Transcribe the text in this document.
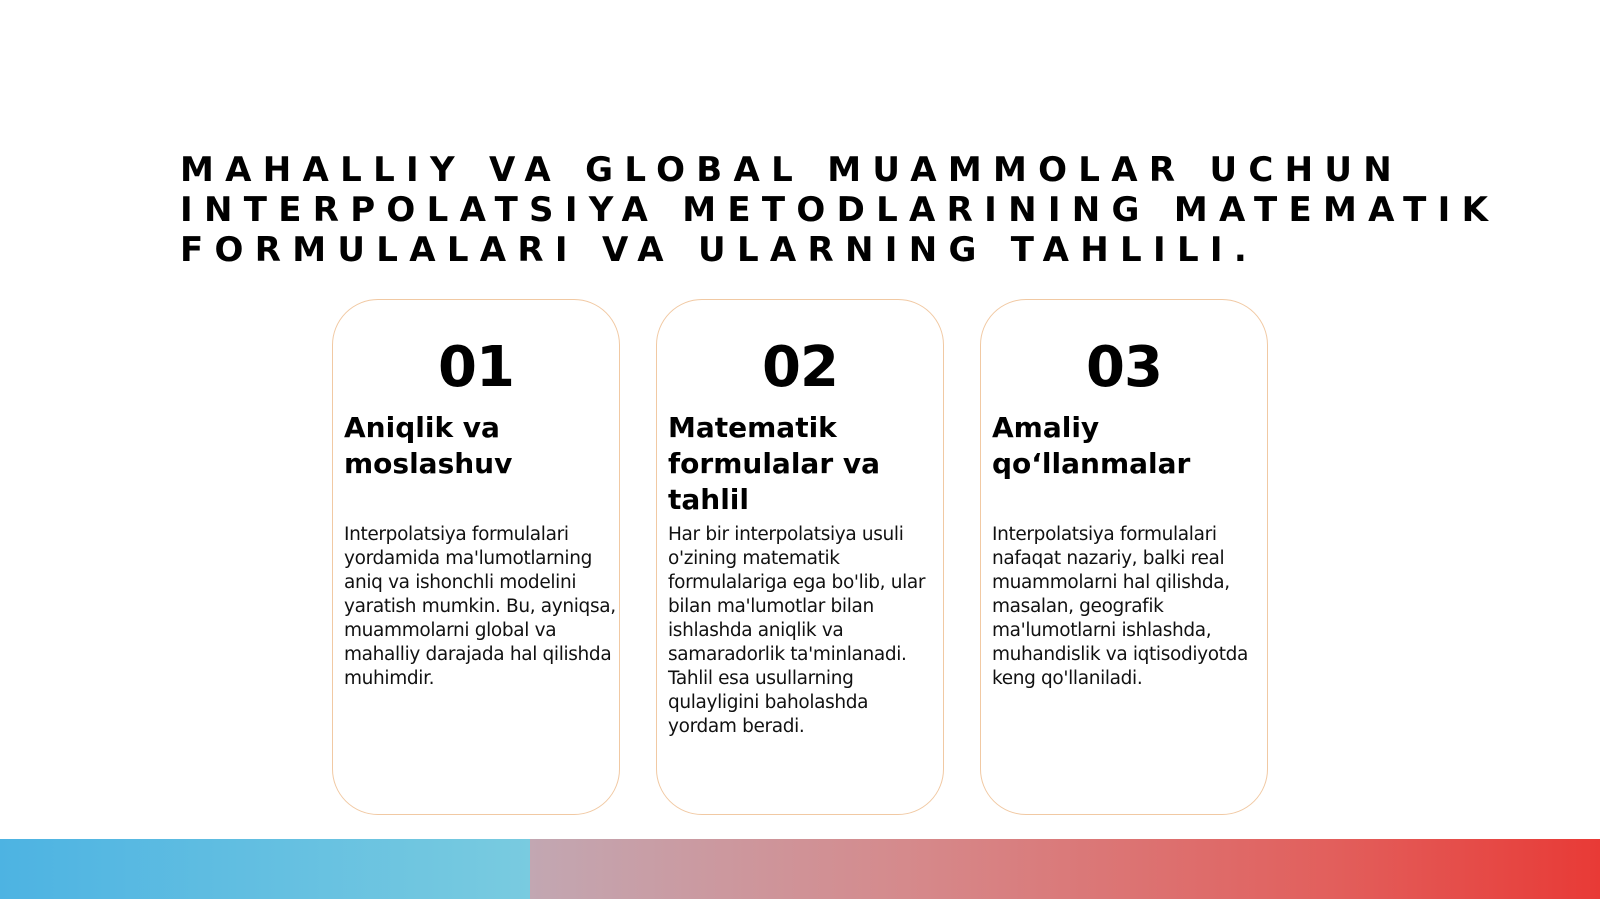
MAHALLIY VA GLOBAL MUAMMOLAR UCHUN
INTERPOLATSIYA METODLARINING MATEMATIK
FORMULALARI VA ULARNING TAHLILI.
01
Aniqlik va moslashuv
Interpolatsiya formulalari yordamida ma'lumotlarning aniq va ishonchli modelini yaratish mumkin. Bu, ayniqsa, muammolarni global va mahalliy darajada hal qilishda muhimdir.
02
Matematik formulalar va tahlil
Har bir interpolatsiya usuli o'zining matematik formulalariga ega bo'lib, ular bilan ma'lumotlar bilan ishlashda aniqlik va samaradorlik ta'minlanadi. Tahlil esa usullarning qulayligini baholashda yordam beradi.
03
Amaliy qo‘llanmalar
Interpolatsiya formulalari nafaqat nazariy, balki real muammolarni hal qilishda, masalan, geografik ma'lumotlarni ishlashda, muhandislik va iqtisodiyotda keng qo'llaniladi.
